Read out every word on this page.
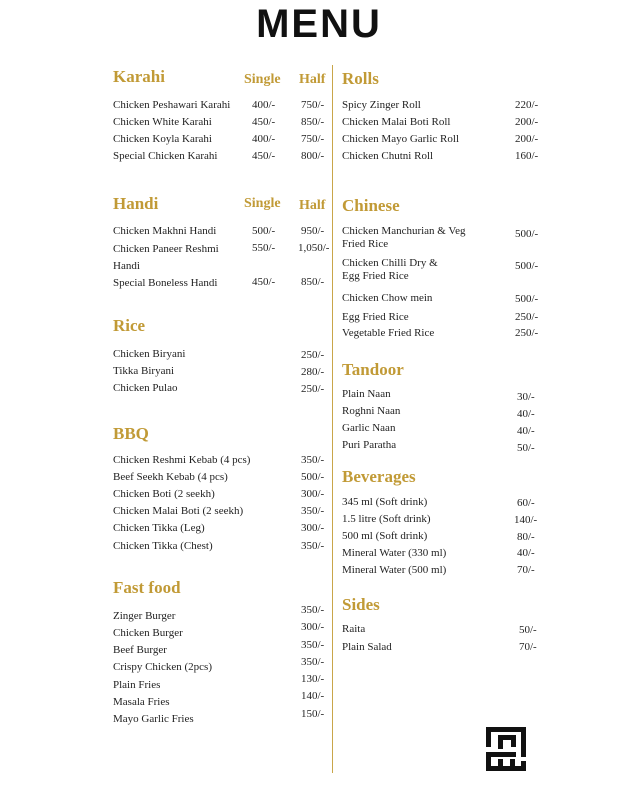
MENU
Karahi	Single Half
Chicken Peshawari Karahi 400/- 750/-
Chicken White Karahi	450/- 850/-
Chicken Koyla Karahi	400/- 750/-
Special Chicken Karahi	450/- 800/-
Handi	Single Half
Chicken Makhni Handi	500/- 950/-
Chicken Paneer Reshmi
Handi
550/- 1,050/-
Special Boneless Handi	450/- 850/-
Rice
Chicken Biryani	250/-
Tikka Biryani	280/-
Chicken Pulao	250/-
BBQ
Chicken Reshmi Kebab (4 pcs)	350/-
Beef Seekh Kebab (4 pcs)	500/-
Chicken Boti (2 seekh)	300/-
Chicken Malai Boti (2 seekh)	350/-
Chicken Tikka (Leg)	300/-
Chicken Tikka (Chest)	350/-
Fast food
Zinger Burger	350/-
Chicken Burger	300/-
Beef Burger	350/-
Crispy Chicken (2pcs)	350/-
Plain Fries	130/-
Masala Fries	140/-
Mayo Garlic Fries	150/-
Rolls
Spicy Zinger Roll	220/-
Chicken Malai Boti Roll	200/-
Chicken Mayo Garlic Roll	200/-
Chicken Chutni Roll	160/-
Chinese
Chicken Manchurian & Veg Fried Rice
500/-
Chicken Chilli Dry & Egg Fried Rice
500/-
Chicken Chow mein	500/-
Egg Fried Rice	250/-
Vegetable Fried Rice	250/-
Tandoor
Plain Naan	30/-
Roghni Naan	40/-
Garlic Naan	40/-
Puri Paratha	50/-
Beverages
345 ml (Soft drink)	60/-
1.5 litre (Soft drink)	140/-
500 ml (Soft drink)	80/-
Mineral Water (330 ml)	40/-
Mineral Water (500 ml)	70/-
Sides
Raita	50/-
Plain Salad	70/-
